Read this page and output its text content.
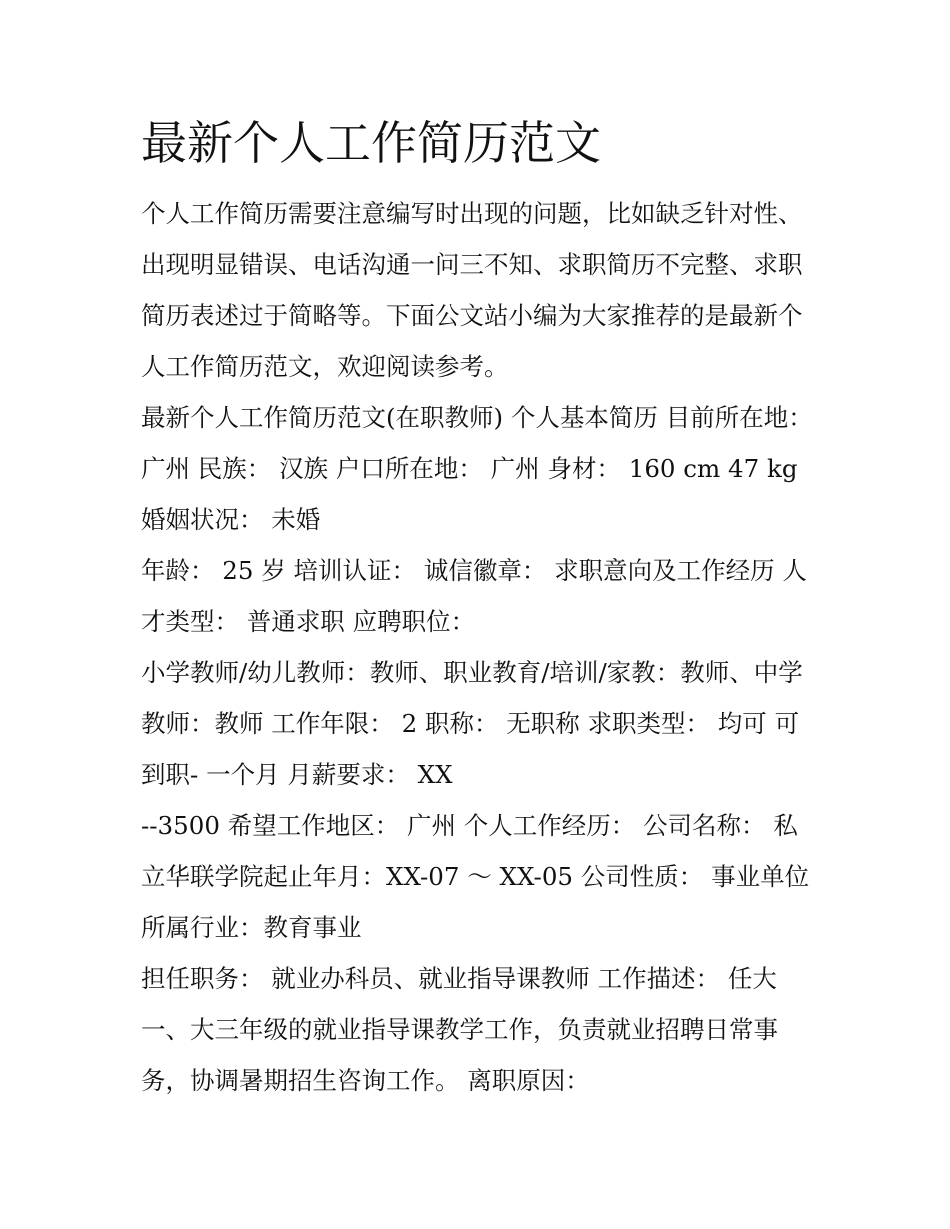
最新个人工作简历范文

个人工作简历需要注意编写时出现的问题，比如缺乏针对性、出现明显错误、电话沟通一问三不知、求职简历不完整、求职简历表述过于简略等。下面公文站小编为大家推荐的是最新个人工作简历范文，欢迎阅读参考。

最新个人工作简历范文(在职教师) 个人基本简历 目前所在地： 广州 民族： 汉族 户口所在地： 广州 身材： 160 cm 47 kg 婚姻状况： 未婚

年龄： 25 岁 培训认证： 诚信徽章： 求职意向及工作经历 人才类型： 普通求职 应聘职位：

小学教师/幼儿教师：教师、职业教育/培训/家教：教师、中学教师：教师 工作年限： 2 职称： 无职称 求职类型： 均可 可到职- 一个月 月薪要求： XX

--3500 希望工作地区： 广州 个人工作经历： 公司名称： 私立华联学院起止年月：XX-07 ～ XX-05 公司性质： 事业单位所属行业：教育事业

担任职务： 就业办科员、就业指导课教师 工作描述： 任大一、大三年级的就业指导课教学工作，负责就业招聘日常事务，协调暑期招生咨询工作。 离职原因：
